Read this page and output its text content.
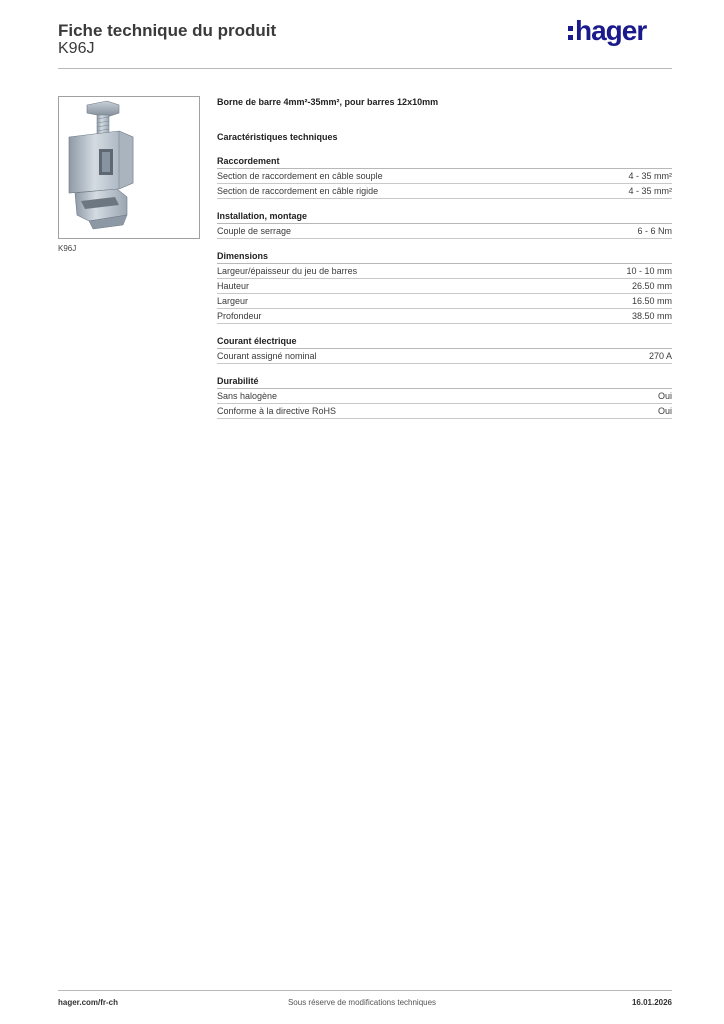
Fiche technique du produit
K96J
hager
K96J
Borne de barre 4mm²-35mm², pour barres 12x10mm
Caractéristiques techniques
Raccordement
Section de raccordement en câble souple	4 - 35 mm²
Section de raccordement en câble rigide	4 - 35 mm²
Installation, montage
Couple de serrage	6 - 6 Nm
Dimensions
Largeur/épaisseur du jeu de barres	10 - 10 mm
Hauteur	26.50 mm
Largeur	16.50 mm
Profondeur	38.50 mm
Courant électrique
Courant assigné nominal	270 A
Durabilité
Sans halogène	Oui
Conforme à la directive RoHS	Oui
hager.com/fr-ch	Sous réserve de modifications techniques	16.01.2026
